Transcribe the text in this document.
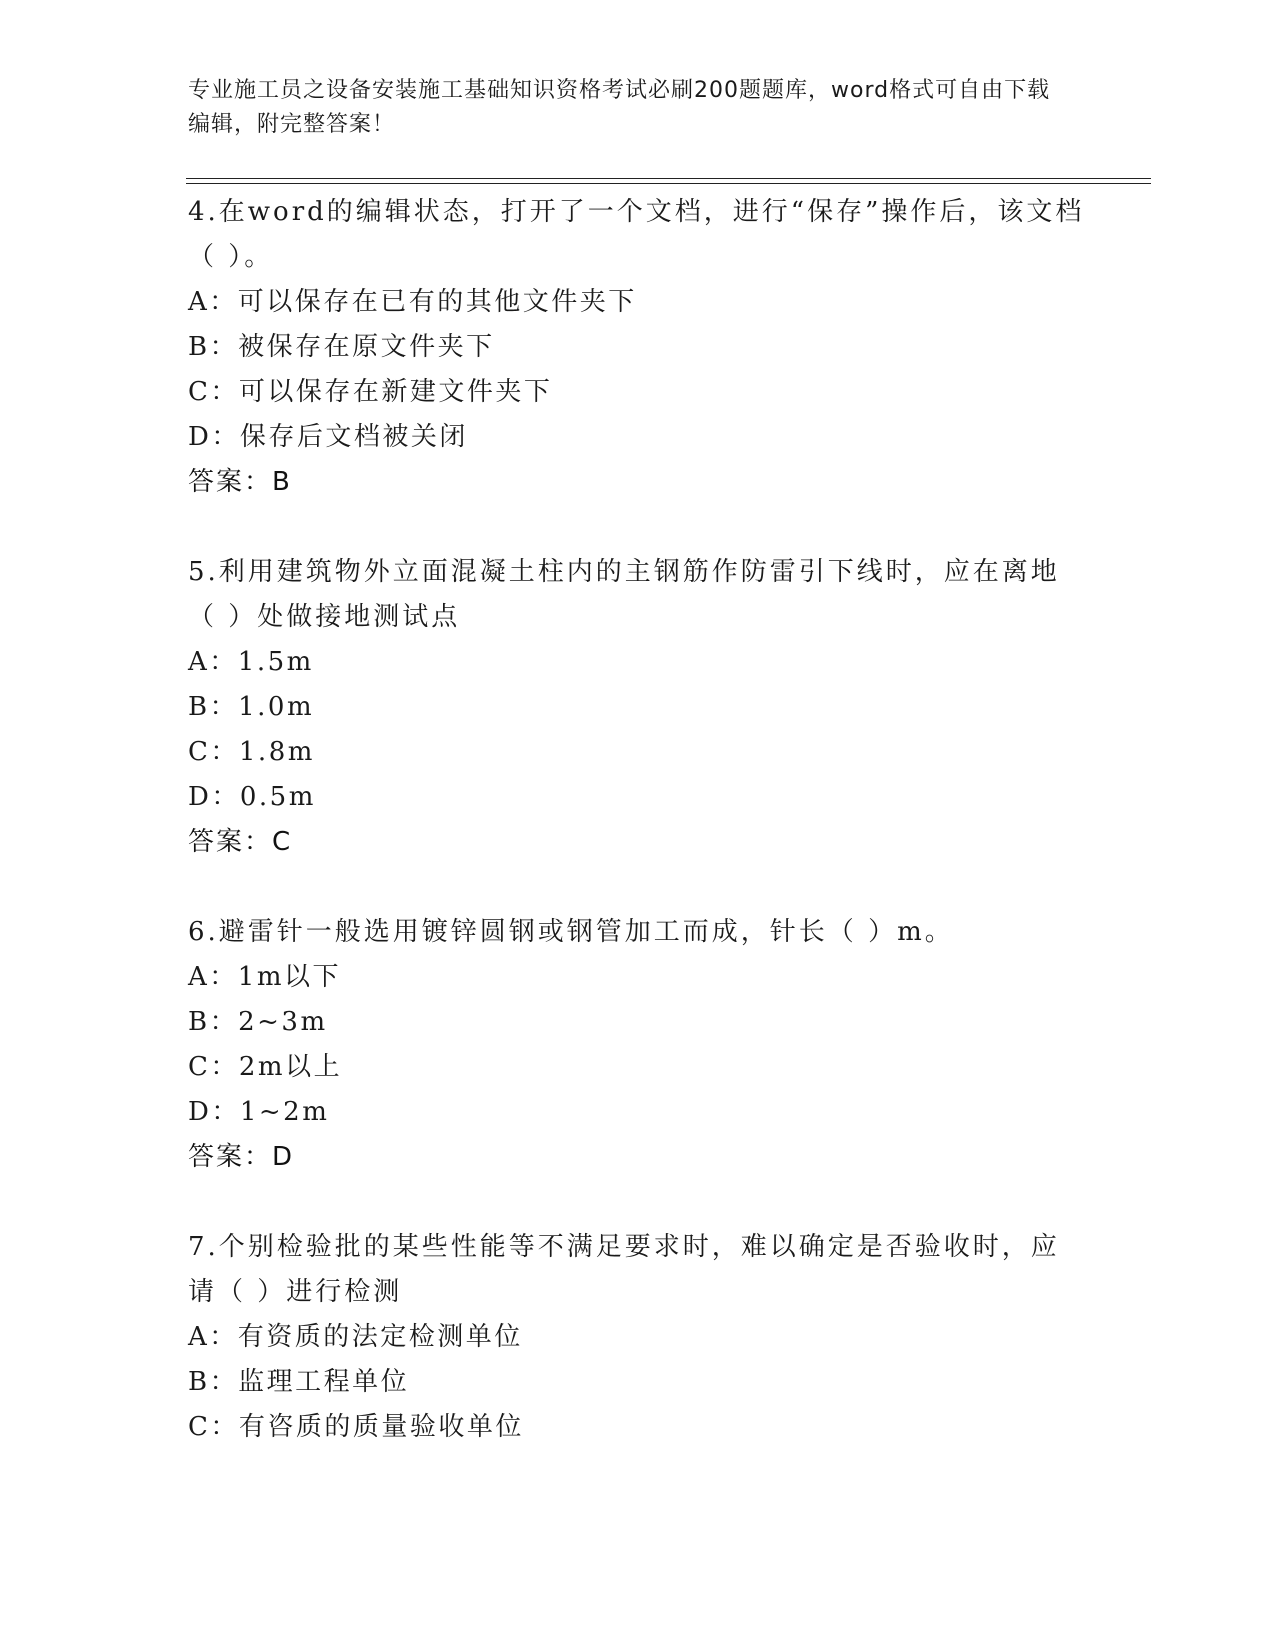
专业施工员之设备安装施工基础知识资格考试必刷200题题库，word格式可自由下载编辑，附完整答案！
4.在word的编辑状态，打开了一个文档，进行“保存”操作后，该文档（ ）。
A：可以保存在已有的其他文件夹下
B：被保存在原文件夹下
C：可以保存在新建文件夹下
D：保存后文档被关闭
答案：B
5.利用建筑物外立面混凝土柱内的主钢筋作防雷引下线时，应在离地（ ）处做接地测试点
A：1.5m
B：1.0m
C：1.8m
D：0.5m
答案：C
6.避雷针一般选用镀锌圆钢或钢管加工而成，针长（ ）m。
A：1m以下
B：2~3m
C：2m以上
D：1~2m
答案：D
7.个别检验批的某些性能等不满足要求时，难以确定是否验收时，应请（ ）进行检测
A：有资质的法定检测单位
B：监理工程单位
C：有咨质的质量验收单位
